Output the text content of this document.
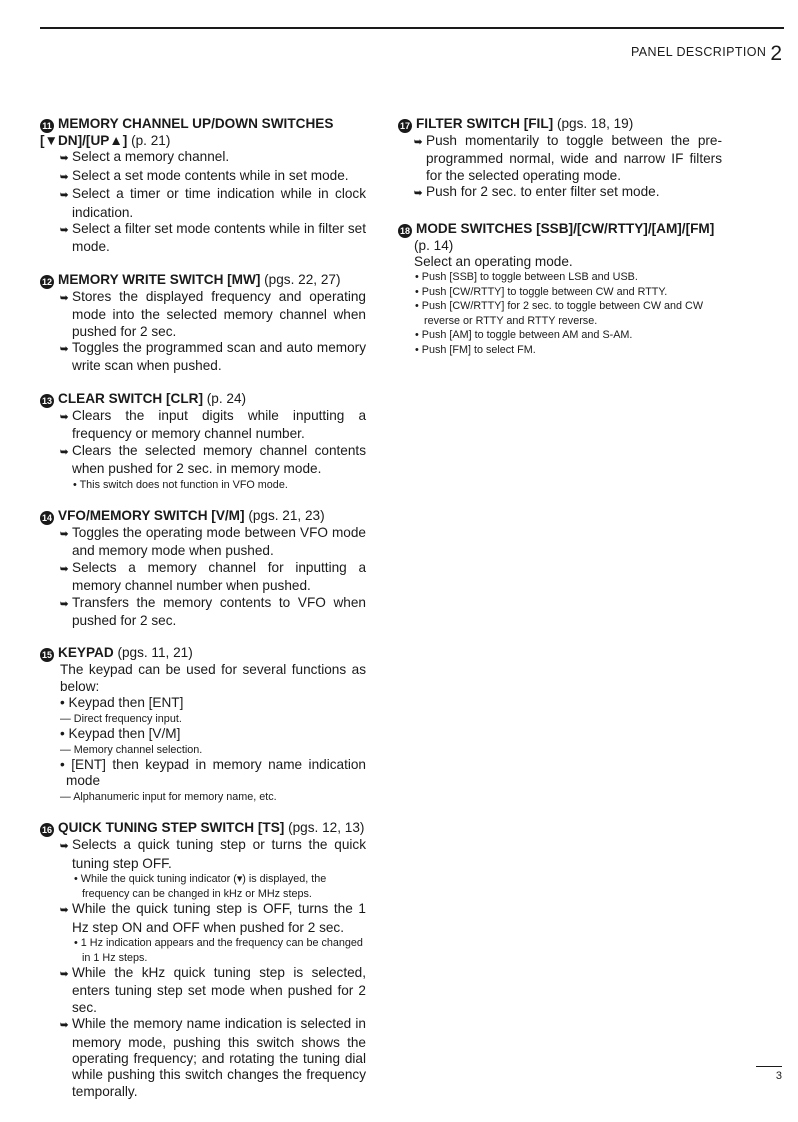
$^{PANEL DESCRIPTION}$ 2
11 MEMORY CHANNEL UP/DOWN SWITCHES
[▼DN]/[UP▲] (p. 21)
➥ Select a memory channel.
➥ Select a set mode contents while in set mode.
➥ Select a timer or time indication while in clock indication.
➥ Select a filter set mode contents while in filter set mode.
12 MEMORY WRITE SWITCH [MW] (pgs. 22, 27)
➥ Stores the displayed frequency and operating mode into the selected memory channel when pushed for 2 sec.
➥ Toggles the programmed scan and auto memory write scan when pushed.
13 CLEAR SWITCH [CLR] (p. 24)
➥ Clears the input digits while inputting a frequency or memory channel number.
➥ Clears the selected memory channel contents when pushed for 2 sec. in memory mode.
• This switch does not function in VFO mode.
14 VFO/MEMORY SWITCH [V/M] (pgs. 21, 23)
➥ Toggles the operating mode between VFO mode and memory mode when pushed.
➥ Selects a memory channel for inputting a memory channel number when pushed.
➥ Transfers the memory contents to VFO when pushed for 2 sec.
15 KEYPAD (pgs. 11, 21)
The keypad can be used for several functions as below:
• Keypad then [ENT]
— Direct frequency input.
• Keypad then [V/M]
— Memory channel selection.
• [ENT] then keypad in memory name indication mode
— Alphanumeric input for memory name, etc.
16 QUICK TUNING STEP SWITCH [TS] (pgs. 12, 13)
➥ Selects a quick tuning step or turns the quick tuning step OFF.
• While the quick tuning indicator (▾) is displayed, the frequency can be changed in kHz or MHz steps.
➥ While the quick tuning step is OFF, turns the 1 Hz step ON and OFF when pushed for 2 sec.
• 1 Hz indication appears and the frequency can be changed in 1 Hz steps.
➥ While the kHz quick tuning step is selected, enters tuning step set mode when pushed for 2 sec.
➥ While the memory name indication is selected in memory mode, pushing this switch shows the operating frequency; and rotating the tuning dial while pushing this switch changes the frequency temporally.
17 FILTER SWITCH [FIL] (pgs. 18, 19)
➥ Push momentarily to toggle between the pre-programmed normal, wide and narrow IF filters for the selected operating mode.
➥ Push for 2 sec. to enter filter set mode.
18 MODE SWITCHES [SSB]/[CW/RTTY]/[AM]/[FM]
(p. 14)
Select an operating mode.
• Push [SSB] to toggle between LSB and USB.
• Push [CW/RTTY] to toggle between CW and RTTY.
• Push [CW/RTTY] for 2 sec. to toggle between CW and CW reverse or RTTY and RTTY reverse.
• Push [AM] to toggle between AM and S-AM.
• Push [FM] to select FM.
3
